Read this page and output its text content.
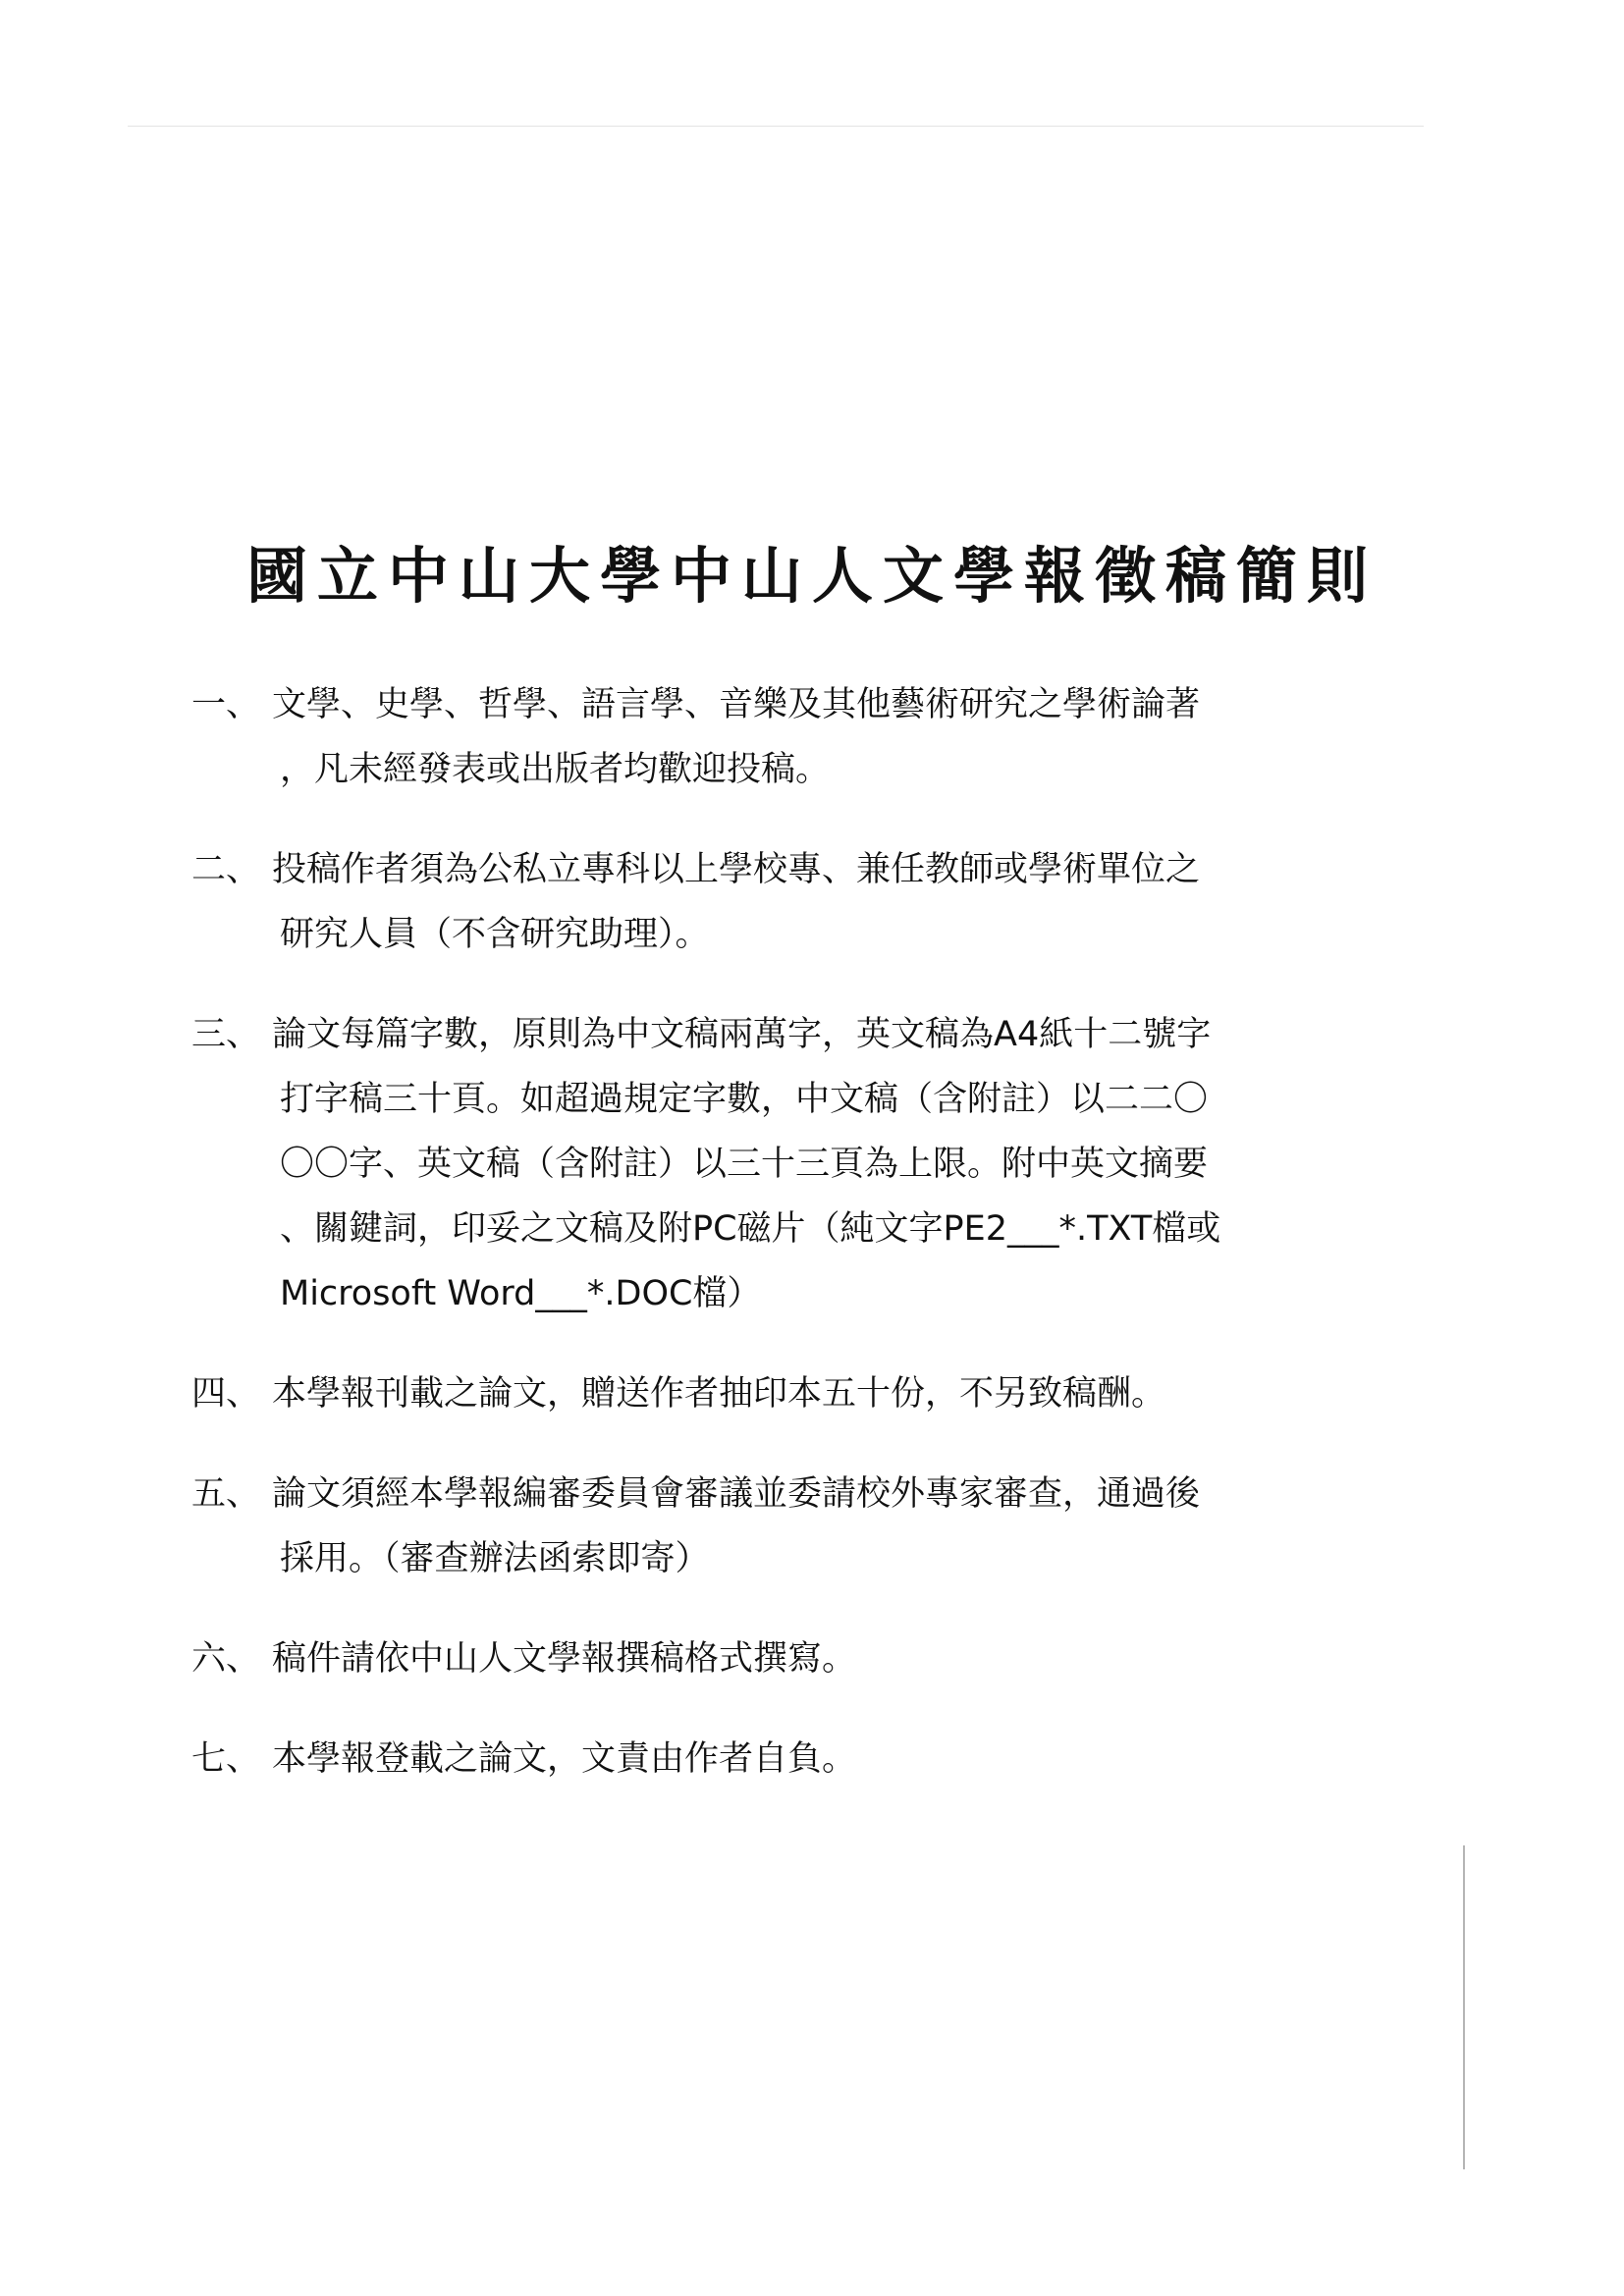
國立中山大學中山人文學報徵稿簡則
一、 文學、史學、哲學、語言學、音樂及其他藝術研究之學術論著
，凡未經發表或出版者均歡迎投稿。
二、 投稿作者須為公私立專科以上學校專、兼任教師或學術單位之
研究人員（不含研究助理）。
三、 論文每篇字數，原則為中文稿兩萬字，英文稿為A4紙十二號字
打字稿三十頁。如超過規定字數，中文稿（含附註）以二二〇
〇〇字、英文稿（含附註）以三十三頁為上限。附中英文摘要
、關鍵詞，印妥之文稿及附PC磁片（純文字PE2___*.TXT檔或
Microsoft Word___*.DOC檔）
四、 本學報刊載之論文，贈送作者抽印本五十份，不另致稿酬。
五、 論文須經本學報編審委員會審議並委請校外專家審查，通過後
採用。（審查辦法函索即寄）
六、 稿件請依中山人文學報撰稿格式撰寫。
七、 本學報登載之論文，文責由作者自負。
